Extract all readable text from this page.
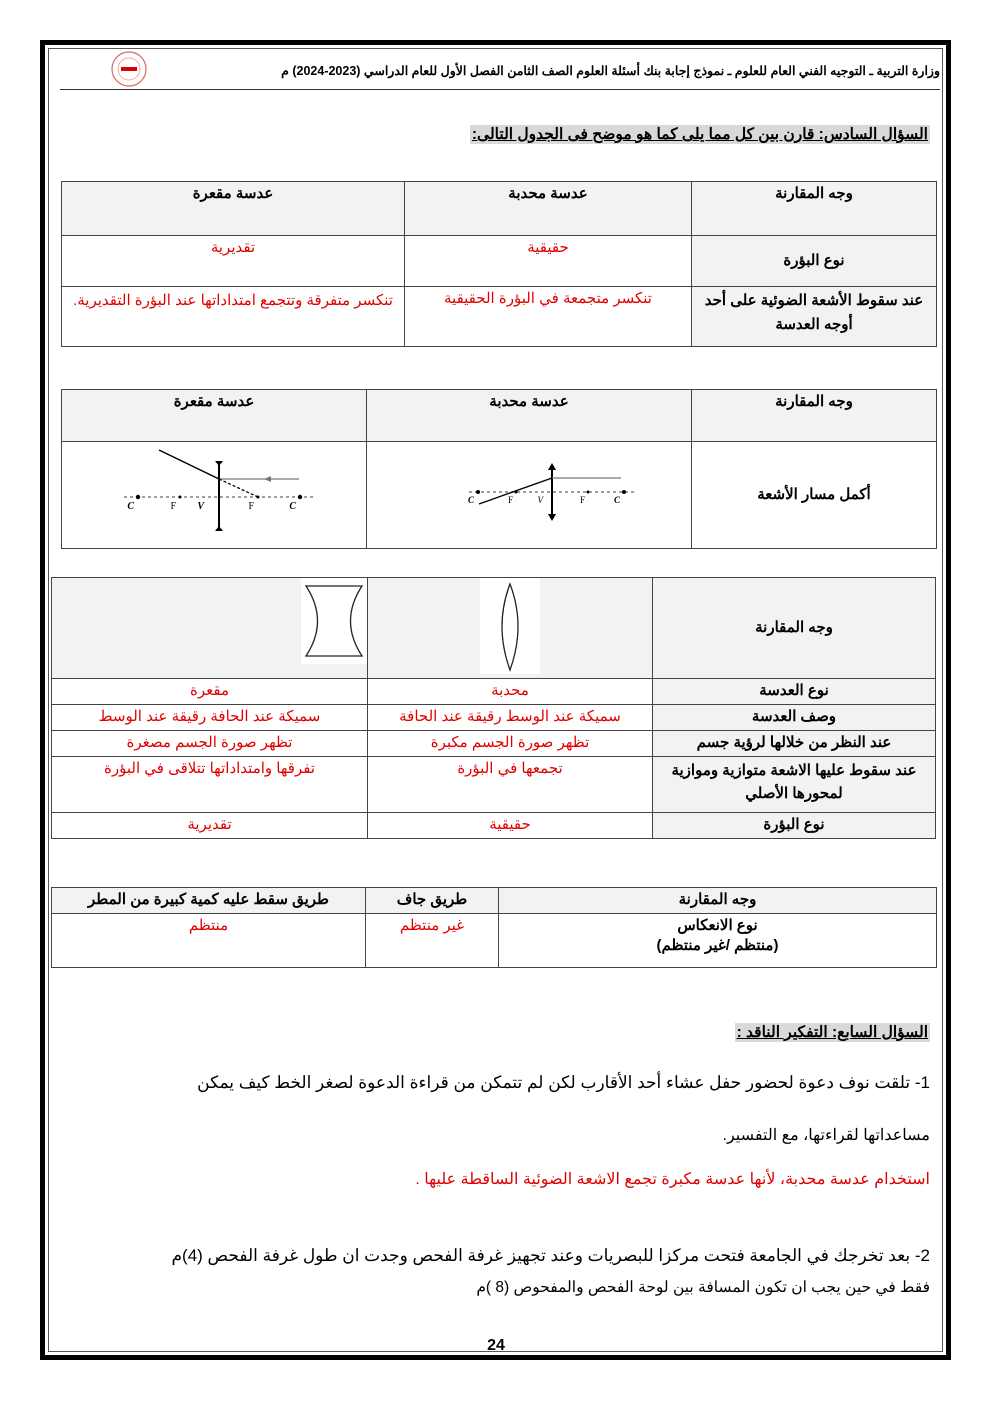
وزارة التربية ـ التوجيه الفني العام للعلوم ـ نموذج إجابة بنك أسئلة العلوم الصف الثامن الفصل الأول للعام الدراسي (2023-2024) م
السؤال السادس: قارن بين كل مما يلى كما هو موضح فى الجدول التالى:
وجه المقارنة	عدسة محدبة	عدسة مقعرة
نوع البؤرة	حقيقية	تقديرية
عند سقوط الأشعة الضوئية على أحد أوجه العدسة	تنكسر متجمعة في البؤرة الحقيقية	تنكسر متفرقة وتتجمع امتداداتها عند البؤرة التقديرية.
وجه المقارنة	عدسة محدبة	عدسة مقعرة
أكمل مسار الأشعة	C F V F C	C F V F C
وجه المقارنة	

نوع العدسة	محدبة	مقعرة
وصف العدسة	سميكة عند الوسط رقيقة عند الحافة	سميكة عند الحافة رقيقة عند الوسط
عند النظر من خلالها لرؤية جسم	تظهر صورة الجسم مكبرة	تظهر صورة الجسم مصغرة
عند سقوط عليها الاشعة متوازية وموازية لمحورها الأصلي	تجمعها في البؤرة	تفرقها وامتداداتها تتلاقى في البؤرة
نوع البؤرة	حقيقية	تقديرية
وجه المقارنة	طريق جاف	طريق سقط عليه كمية كبيرة من المطر

نوع الانعكاس
(منتظم /غير منتظم)	غير منتظم	منتظم
السؤال السابع: التفكير الناقد :
1- تلقت نوف دعوة لحضور حفل عشاء أحد الأقارب لكن لم تتمكن من قراءة الدعوة لصغر الخط كيف يمكن
مساعداتها لقراءتها، مع التفسير.
استخدام عدسة محدبة، لأنها عدسة مكبرة تجمع الاشعة الضوئية الساقطة عليها .
2- بعد تخرجك في الجامعة فتحت مركزا للبصريات وعند تجهيز غرفة الفحص وجدت ان طول غرفة الفحص (4)م
فقط في حين يجب ان تكون المسافة بين لوحة الفحص والمفحوص (8 )م
24
